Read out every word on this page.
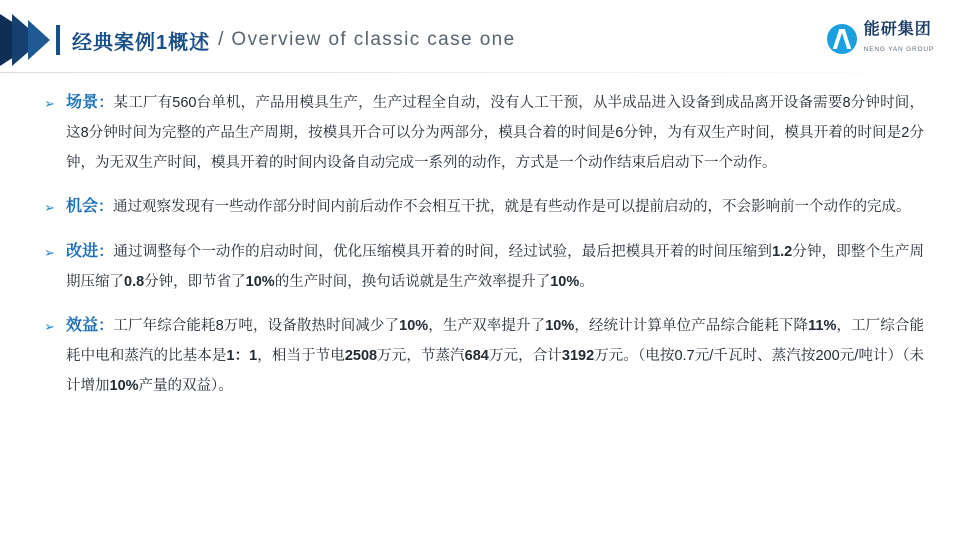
经典案例1概述 / Overview of classic case one	能研集团
NENG YAN GROUP
➢ 场景：某工厂有560台单机，产品用模具生产，生产过程全自动，没有人工干预，从半成品进入设备到成品离开设备需要8分钟时间，这8分钟时间为完整的产品生产周期，按模具开合可以分为两部分，模具合着的时间是6分钟，为有双生产时间，模具开着的时间是2分钟，为无双生产时间，模具开着的时间内设备自动完成一系列的动作，方式是一个动作结束后启动下一个动作。
➢ 机会：通过观察发现有一些动作部分时间内前后动作不会相互干扰，就是有些动作是可以提前启动的，不会影响前一个动作的完成。
➢ 改进：通过调整每个一动作的启动时间，优化压缩模具开着的时间，经过试验，最后把模具开着的时间压缩到1.2分钟，即整个生产周期压缩了0.8分钟，即节省了10%的生产时间，换句话说就是生产效率提升了10%。
➢ 效益：工厂年综合能耗8万吨，设备散热时间减少了10%，生产双率提升了10%，经统计计算单位产品综合能耗下降11%，工厂综合能耗中电和蒸汽的比基本是1：1，相当于节电2508万元，节蒸汽684万元，合计3192万元。（电按0.7元/千瓦时、蒸汽按200元/吨计）（未计增加10%产量的双益）。
